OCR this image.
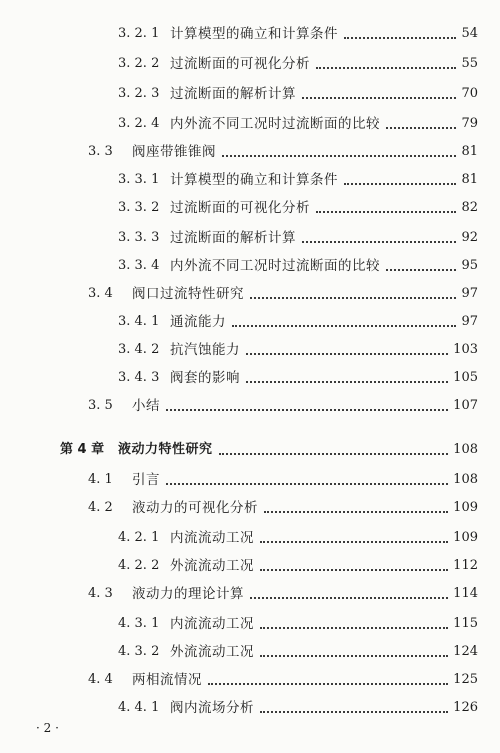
3. 2. 1 计算模型的确立和计算条件	54
3. 2. 2 过流断面的可视化分析	55
3. 2. 3 过流断面的解析计算	70
3. 2. 4 内外流不同工况时过流断面的比较	79
3. 3 阀座带锥锥阀	81
3. 3. 1 计算模型的确立和计算条件	81
3. 3. 2 过流断面的可视化分析	82
3. 3. 3 过流断面的解析计算	92
3. 3. 4 内外流不同工况时过流断面的比较	95
3. 4 阀口过流特性研究	97
3. 4. 1 通流能力	97
3. 4. 2 抗汽蚀能力	103
3. 4. 3 阀套的影响	105
3. 5 小结	107
第 4 章 液动力特性研究	108
4. 1 引言	108
4. 2 液动力的可视化分析	109
4. 2. 1 内流流动工况	109
4. 2. 2 外流流动工况	112
4. 3 液动力的理论计算	114
4. 3. 1 内流流动工况	115
4. 3. 2 外流流动工况	124
4. 4 两相流情况	125
4. 4. 1 阀内流场分析	126
· 2 ·
